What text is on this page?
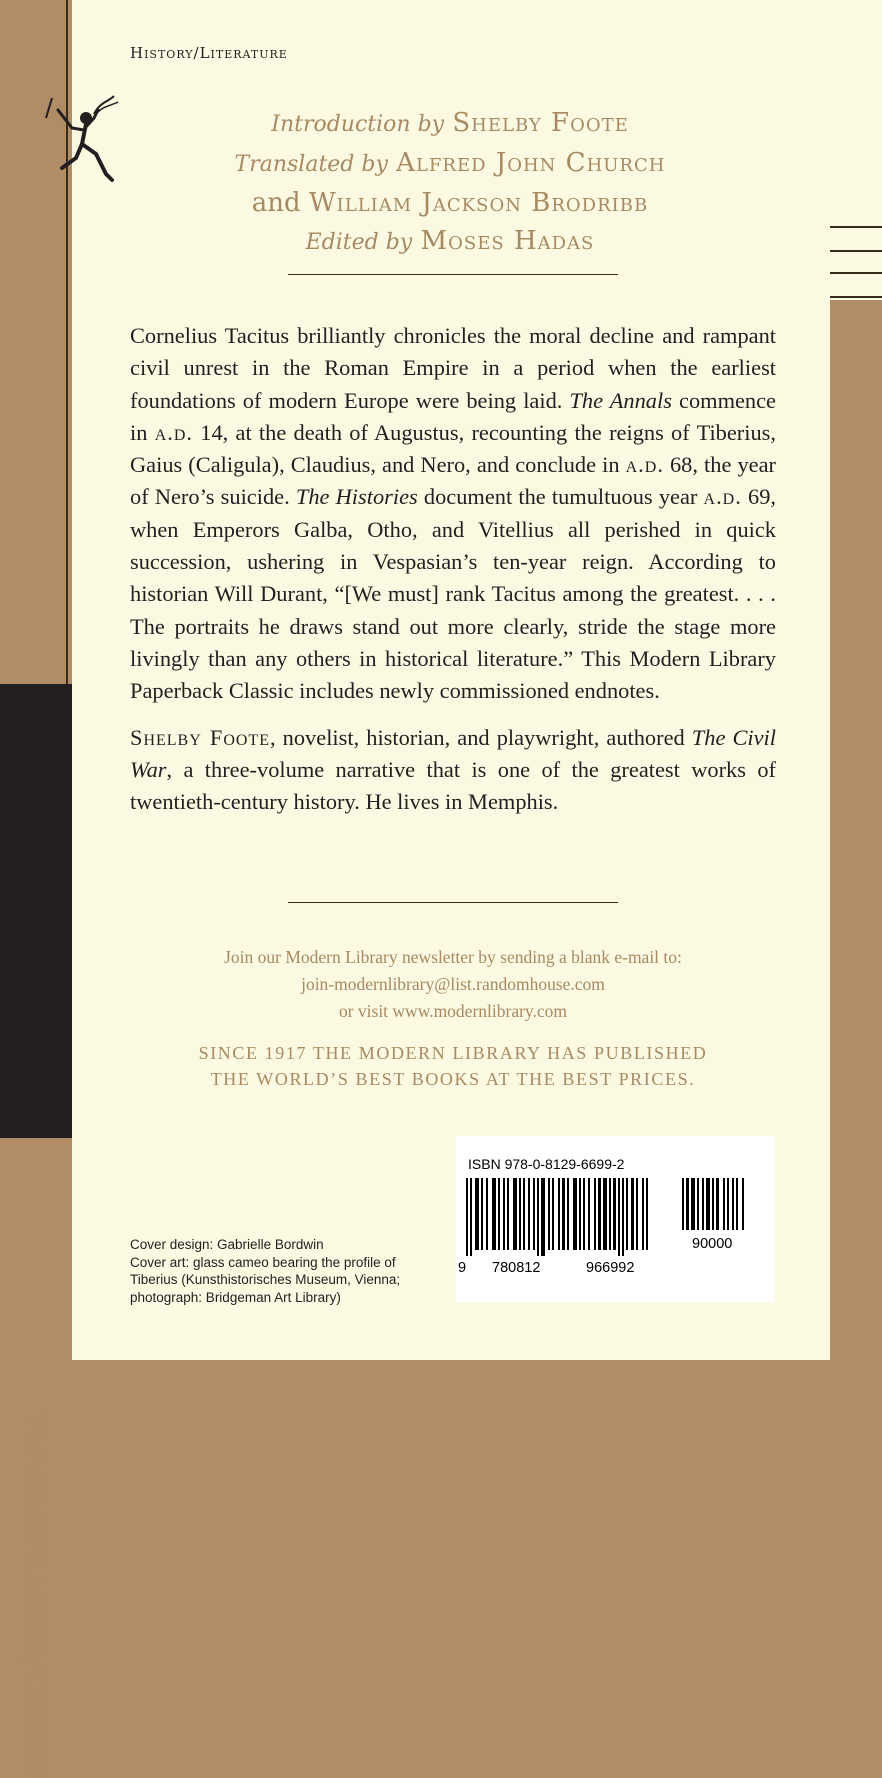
The Modern Library Classics
History/Literature
Introduction by Shelby Foote
Translated by Alfred John Church
and William Jackson Brodribb
Edited by Moses Hadas

Cornelius Tacitus brilliantly chronicles the moral decline and rampant civil unrest in the Roman Empire in a period when the earliest foundations of modern Europe were being laid. The Annals commence in a.d. 14, at the death of Augustus, recounting the reigns of Tiberius, Gaius (Caligula), Claudius, and Nero, and conclude in a.d. 68, the year of Nero’s suicide. The Histories document the tumultuous year a.d. 69, when Emperors Galba, Otho, and Vitellius all perished in quick succession, ushering in Vespasian’s ten-year reign. According to historian Will Durant, “[We must] rank Tacitus among the greatest. . . . The portraits he draws stand out more clearly, stride the stage more livingly than any others in historical literature.” This Modern Library Paperback Classic includes newly commissioned endnotes.

Shelby Foote, novelist, historian, and playwright, authored The Civil War, a three-volume narrative that is one of the greatest works of twentieth-century history. He lives in Memphis.

Join our Modern Library newsletter by sending a blank e-mail to:
join-modernlibrary@list.randomhouse.com
or visit www.modernlibrary.com
SINCE 1917 THE MODERN LIBRARY HAS PUBLISHED
THE WORLD’S BEST BOOKS AT THE BEST PRICES.
Cover design: Gabrielle Bordwin
Cover art: glass cameo bearing the profile of
Tiberius (Kunsthistorisches Museum, Vienna;
photograph: Bridgeman Art Library)
ISBN 978-0-8129-6699-2
9 780812	966992
90000
